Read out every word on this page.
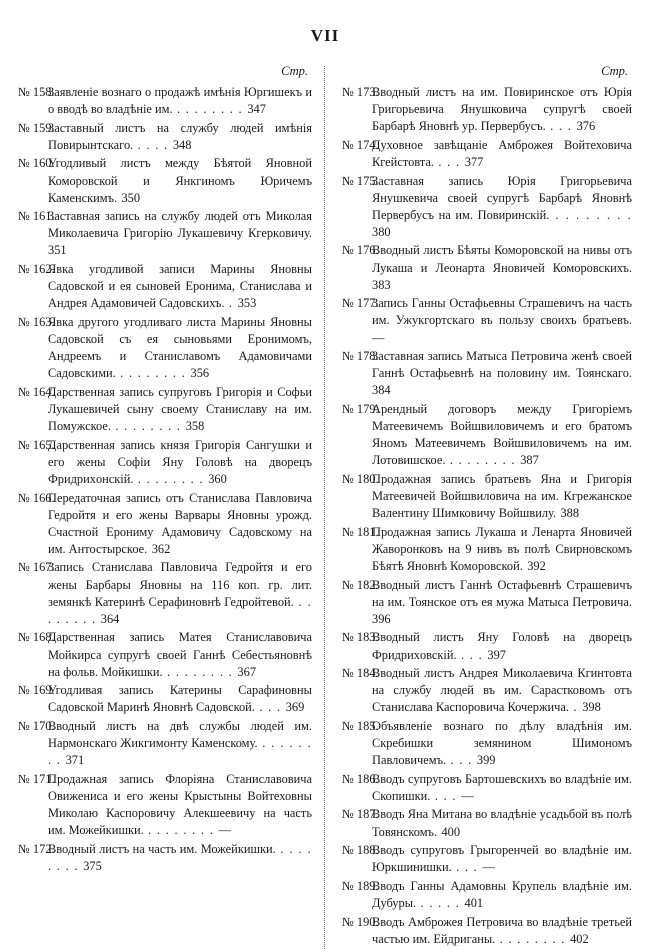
VII
Стр.
№ 158.
Заявленіе вознаго о продажѣ имѣнія Юргишекъ и о вводѣ во владѣніе им. . . . . . . . . 347
№ 159.
Заставный листъ на службу людей имѣнія Повирынтскаго. . . . . 348
№ 160.
Угодливый листъ между Бѣятой Яновной Коморовской и Янкгиномъ Юричемъ Каменскимъ. 350
№ 161.
Заставная запись на службу людей отъ Миколая Миколаевича Григорію Лукашевичу Кгеркoвичу. 351
№ 162.
Явка угодливой записи Марины Яновны Садовской и ея сыновей Еронима, Станислава и Андрея Адамовичей Садовскихъ. . 353
№ 163.
Явка другого угодливаго листа Марины Яновны Садовской съ ея сыновьями Еронимомъ, Андреемъ и Станиславомъ Адамовичами Садовскими. . . . . . . . . 356
№ 164.
Дарственная запись супруговъ Григорія и Софьи Лукашевичей сыну своему Станиславу на им. Помужское. . . . . . . . . 358
№ 165.
Дарственная запись князя Григорія Сангушки и его жены Софіи Яну Головѣ на дворецъ Фридрихoнскій. . . . . . . . . 360
№ 166.
Передаточная запись отъ Станислава Павловича Гедройтя и его жены Варвары Яновны урожд. Счастной Еронимy Адамовичу Садовскому на им. Антостырское. 362
№ 167.
Запись Станислава Павловича Гедройтя и его жены Барбары Яновны на 116 коп. гр. лит. земянкѣ Катеринѣ Серафиновнѣ Гедройтевой. . . . . . . . . 364
№ 168.
Дарственная запись Матея Станиславовича Мойкирса супругѣ своей Ганнѣ Себестьяновнѣ на фольв. Мойкишки. . . . . . . . . 367
№ 169.
Угодливая запись Катерины Сарафиновны Садовской Маринѣ Яновнѣ Садовской. . . . 369
№ 170.
Вводный листъ на двѣ службы людей им. Нармонскаго Жикгимонту Каменскому. . . . . . . . . 371
№ 171.
Продажная запись Флорiяна Станиславовича Овижениса и его жены Крыстыны Войтеховны Миколаю Каспоровичу Алекшеевичу на часть им. Можейкишки. . . . . . . . . —
№ 172.
Вводный листъ на часть им. Можейкишки. . . . . . . . . 375
Стр.
№ 173.
Вводный листъ на им. Повиринское отъ Юрія Григорьевича Янушковича супругѣ своей Барбарѣ Яновнѣ ур. Первербусъ. . . . 376
№ 174.
Духовное завѣщаніе Амброжея Войтеховича Кгейстовта. . . . 377
№ 175.
Заставная запись Юрія Григорьевича Янушкевича своей супругѣ Барбарѣ Яновнѣ Первербусъ на им. Повиринскій. . . . . . . . . 380
№ 176.
Вводный листъ Бѣяты Коморовской на нивы отъ Лукаша и Лeонарта Яновичей Коморовскихъ. 383
№ 177.
Запись Ганны Остафьевны Страшевичъ на часть им. Ужукгортскаго въ пользу своихъ братьевъ. —
№ 178.
Заставная запись Матыса Петровича женѣ своей Ганнѣ Остафьевнѣ на половину им. Тоянскаго. 384
№ 179.
Арендный договоръ между Григоріемъ Матеевичемъ Войшвиловичемъ и его братомъ Яномъ Матеевичемъ Войшвиловичемъ на им. Лотовишское. . . . . . . . . 387
№ 180.
Продажная запись братьевъ Яна и Григорія Матеевичей Войшвиловича на им. Кгрежанское Валентину Шимковичу Войшвилу. 388
№ 181.
Продажная запись Лукаша и Лeнарта Яновичей Жаворонковъ на 9 нивъ въ полѣ Свирновскомъ Бѣятѣ Яновнѣ Коморовской. 392
№ 182.
Вводный листъ Ганнѣ Остафьевнѣ Страшевичъ на им. Тоянское отъ ея мужа Матыса Петровича. 396
№ 183.
Вводный листъ Яну Головѣ на дворецъ Фридрихoвскій. . . . 397
№ 184.
Вводный листъ Андрея Миколаевича Кгинтовта на службу людей въ им. Сарастковомъ отъ Станислава Каспоровича Кочержича. . 398
№ 185.
Объявленіе вознаго по дѣлу владѣнія им. Скребишки земянином Шимономъ Павловичемъ. . . . 399
№ 186.
Вводъ супругoвъ Бартошевскихъ во владѣніе им. Скопишки. . . . —
№ 187.
Вводъ Яна Митaна во владѣніе усадьбой въ полѣ Товянскомъ. 400
№ 188.
Вводъ супругoвъ Грыгоренчей во владѣніе им. Юркшинишки. . . . —
№ 189.
Вводъ Ганны Адамовны Крупель владѣніе им. Дубуры. . . . . . 401
№ 190.
Вводъ Амброжея Петровича во владѣніе третьей частью им. Ейдригaны. . . . . . . . . 402
